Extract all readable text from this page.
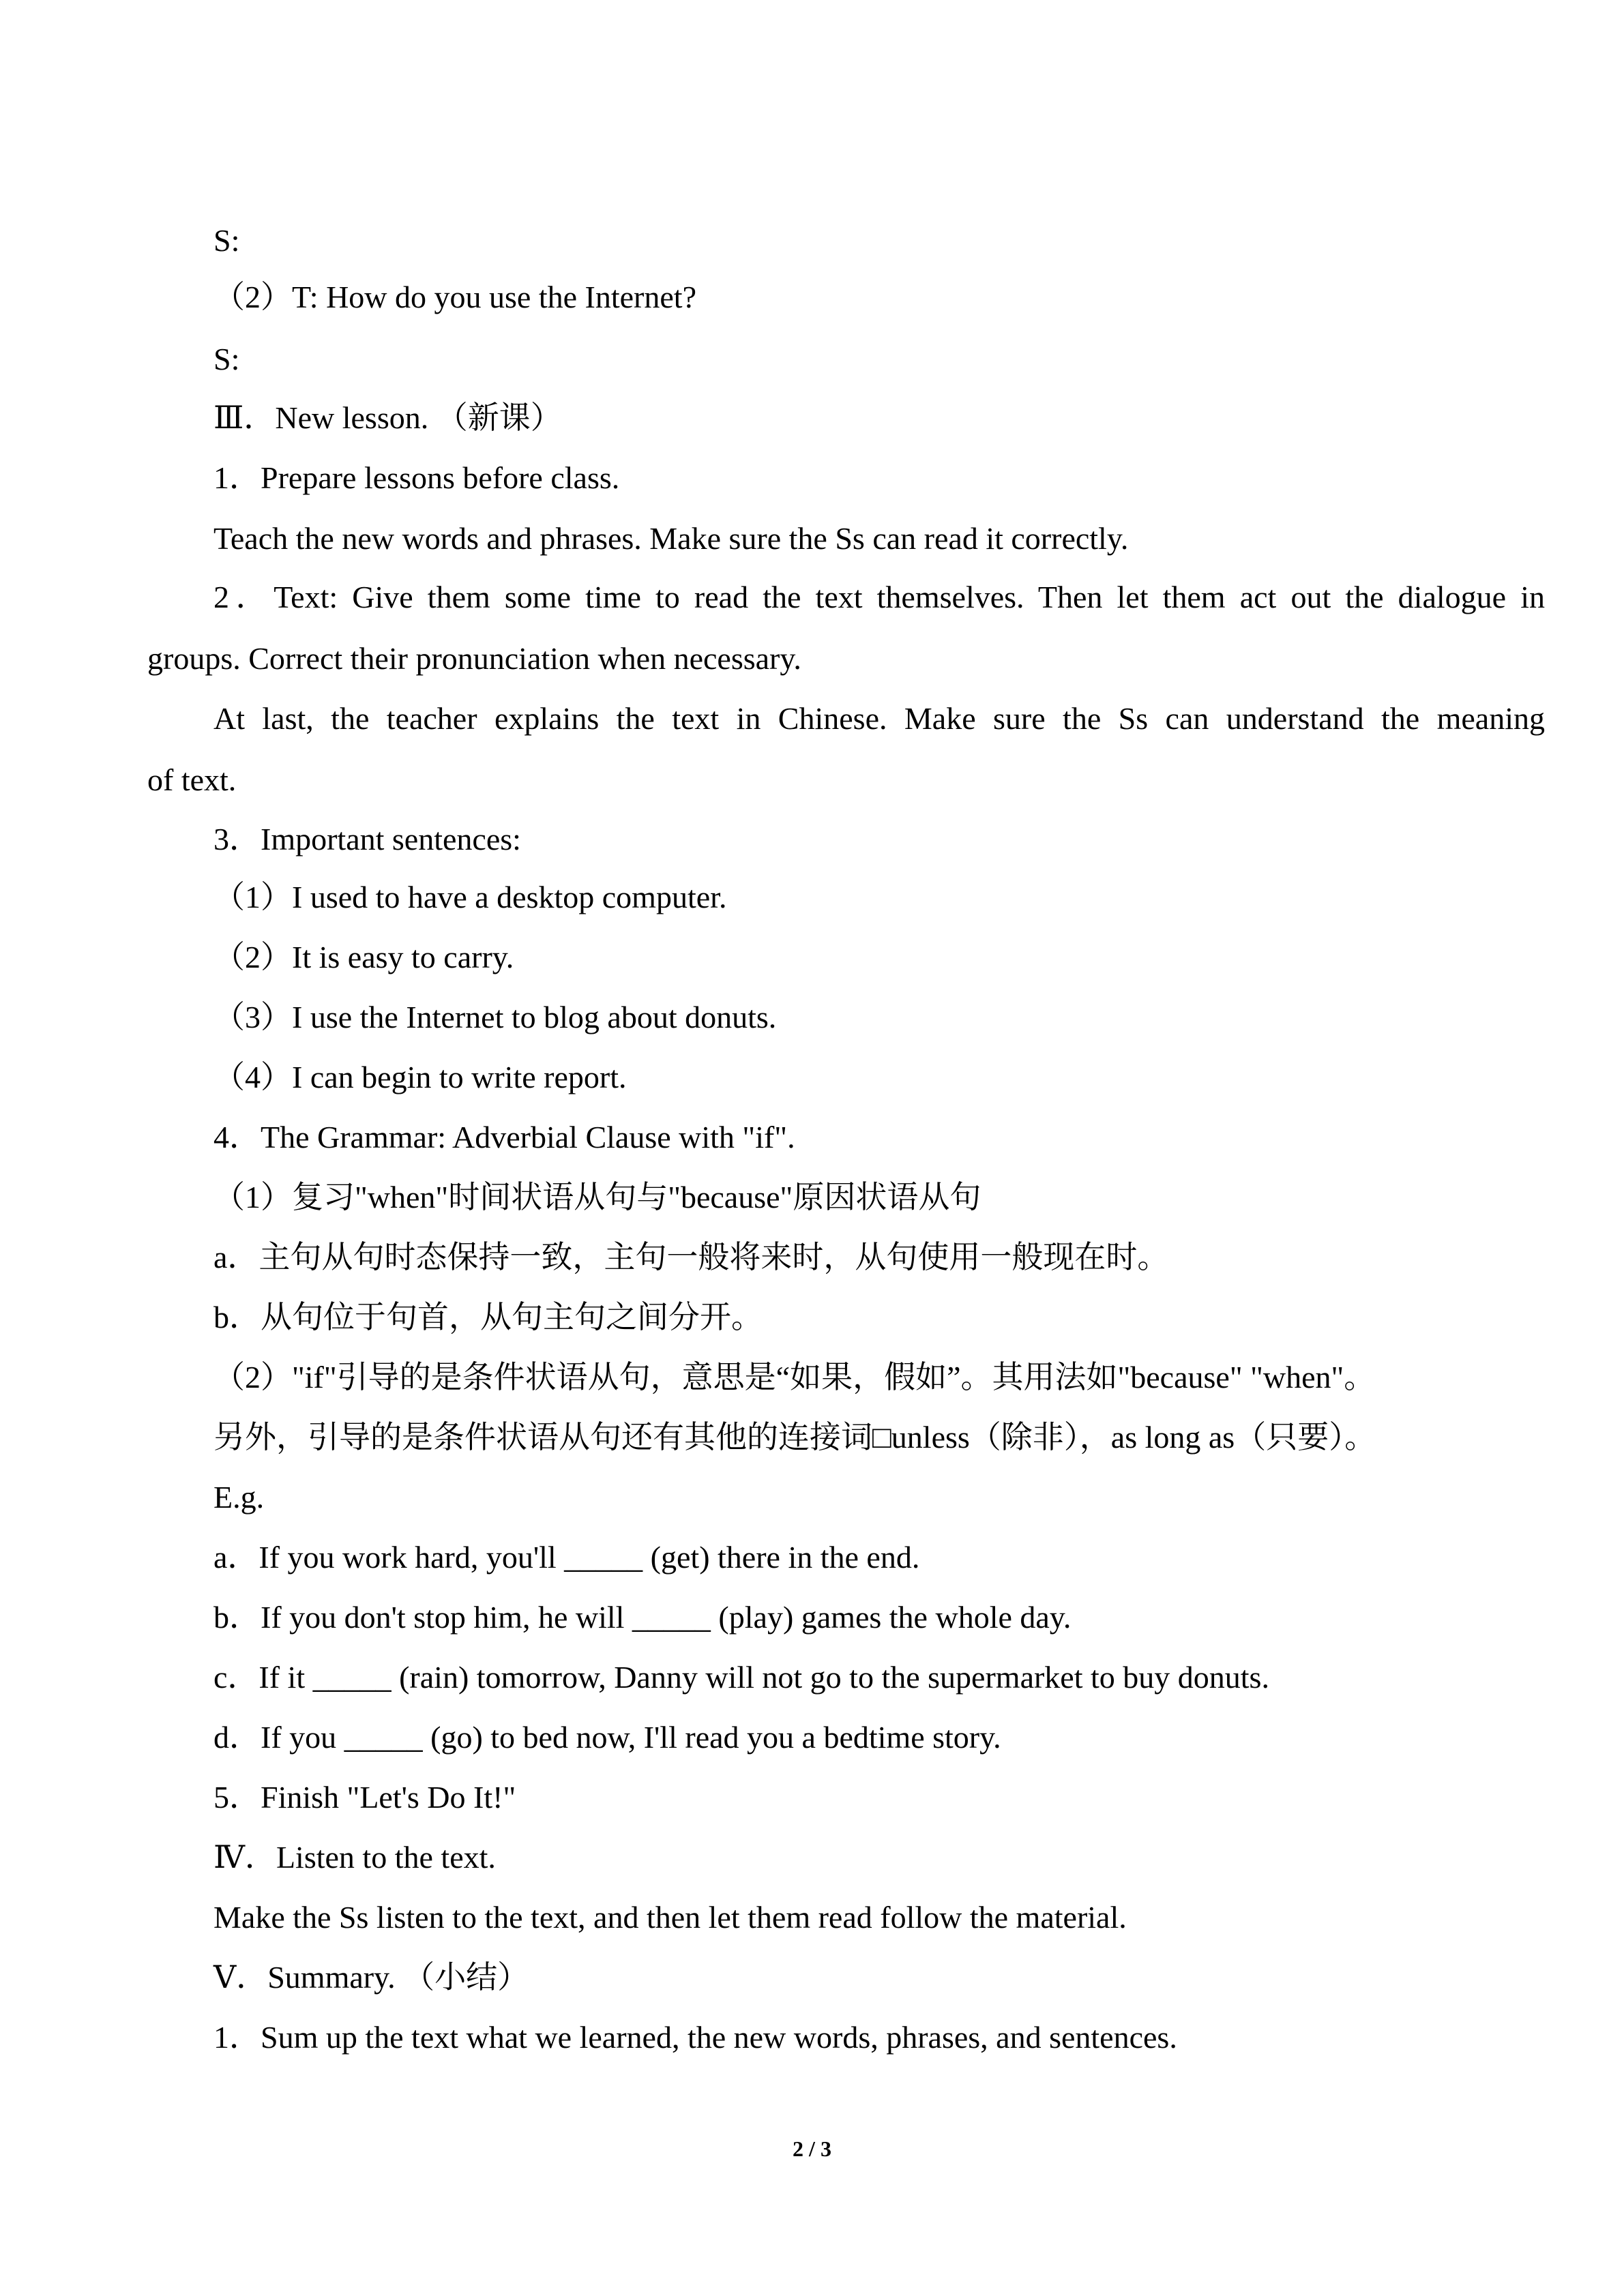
S:
（2）T: How do you use the Internet?
S:
Ⅲ．New lesson. （新课）
1．Prepare lessons before class.
Teach the new words and phrases. Make sure the Ss can read it correctly.
2．Text: Give them some time to read the text themselves. Then let them act out the dialogue in
groups. Correct their pronunciation when necessary.
At last, the teacher explains the text in Chinese. Make sure the Ss can understand the meaning
of text.
3．Important sentences:
（1）I used to have a desktop computer.
（2）It is easy to carry.
（3）I use the Internet to blog about donuts.
（4）I can begin to write report.
4．The Grammar: Adverbial Clause with "if".
（1）复习"when"时间状语从句与"because"原因状语从句
a．主句从句时态保持一致，主句一般将来时，从句使用一般现在时。
b．从句位于句首，从句主句之间分开。
（2）"if"引导的是条件状语从句，意思是“如果，假如”。其用法如"because" "when"。
另外，引导的是条件状语从句还有其他的连接词□unless（除非），as long as（只要）。
E.g.
a．If you work hard, you'll _____ (get) there in the end.
b．If you don't stop him, he will _____ (play) games the whole day.
c．If it _____ (rain) tomorrow, Danny will not go to the supermarket to buy donuts.
d．If you _____ (go) to bed now, I'll read you a bedtime story.
5．Finish "Let's Do It!"
Ⅳ．Listen to the text.
Make the Ss listen to the text, and then let them read follow the material.
Ⅴ．Summary. （小结）
1．Sum up the text what we learned, the new words, phrases, and sentences.
2 / 3
